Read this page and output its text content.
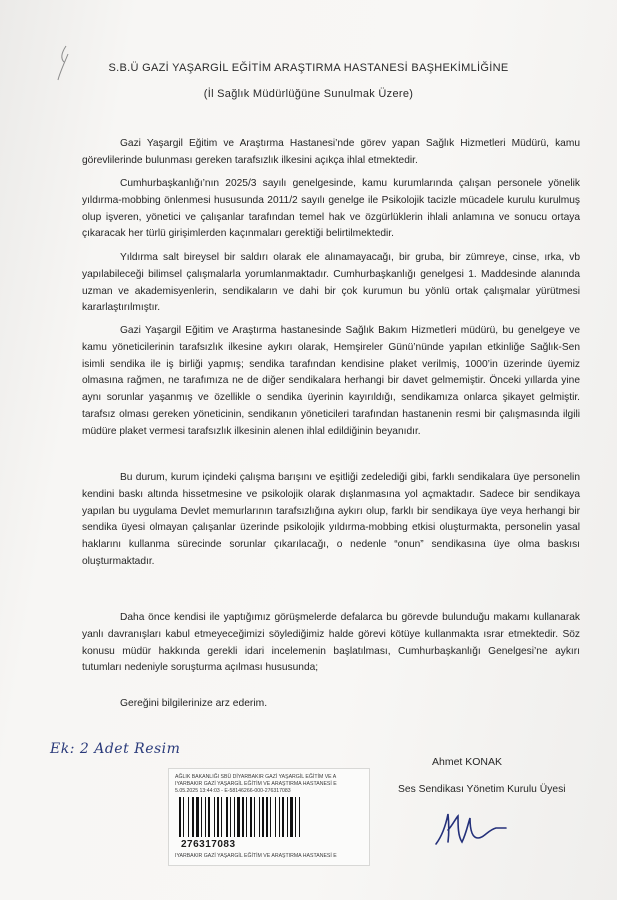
S.B.Ü GAZİ YAŞARGİL EĞİTİM ARAŞTIRMA HASTANESİ BAŞHEKİMLİĞİNE
(İl Sağlık Müdürlüğüne Sunulmak Üzere)

Gazi Yaşargil Eğitim ve Araştırma Hastanesi’nde görev yapan Sağlık Hizmetleri Müdürü, kamu görevlilerinde bulunması gereken tarafsızlık ilkesini açıkça ihlal etmektedir.

Cumhurbaşkanlığı’nın 2025/3 sayılı genelgesinde, kamu kurumlarında çalışan personele yönelik yıldırma-mobbing önlenmesi hususunda 2011/2 sayılı genelge ile Psikolojik tacizle mücadele kurulu kurulmuş olup işveren, yönetici ve çalışanlar tarafından temel hak ve özgürlüklerin ihlali anlamına ve sonucu ortaya çıkaracak her türlü girişimlerden kaçınmaları gerektiği belirtilmektedir.

Yıldırma salt bireysel bir saldırı olarak ele alınamayacağı, bir gruba, bir zümreye, cinse, ırka, vb yapılabileceği bilimsel çalışmalarla yorumlanmaktadır. Cumhurbaşkanlığı genelgesi 1. Maddesinde alanında uzman ve akademisyenlerin, sendikaların ve dahi bir çok kurumun bu yönlü ortak çalışmalar yürütmesi kararlaştırılmıştır.

Gazi Yaşargil Eğitim ve Araştırma hastanesinde Sağlık Bakım Hizmetleri müdürü, bu genelgeye ve kamu yöneticilerinin tarafsızlık ilkesine aykırı olarak, Hemşireler Günü’nünde yapılan etkinliğe Sağlık-Sen isimli sendika ile iş birliği yapmış; sendika tarafından kendisine plaket verilmiş, 1000’in üzerinde üyemiz olmasına rağmen, ne tarafımıza ne de diğer sendikalara herhangi bir davet gelmemiştir. Önceki yıllarda yine aynı sorunlar yaşanmış ve özellikle o sendika üyerinin kayırıldığı, sendikamıza onlarca şikayet gelmiştir. tarafsız olması gereken yöneticinin, sendikanın yöneticileri tarafından hastanenin resmi bir çalışmasında ilgili müdüre plaket vermesi tarafsızlık ilkesinin alenen ihlal edildiğinin beyanıdır.

Bu durum, kurum içindeki çalışma barışını ve eşitliği zedelediği gibi, farklı sendikalara üye personelin kendini baskı altında hissetmesine ve psikolojik olarak dışlanmasına yol açmaktadır. Sadece bir sendikaya yapılan bu uygulama Devlet memurlarının tarafsızlığına aykırı olup, farklı bir sendikaya üye veya herhangi bir sendika üyesi olmayan çalışanlar üzerinde psikolojik yıldırma-mobbing etkisi oluşturmakta, personelin yasal haklarını kullanma sürecinde sorunlar çıkarılacağı, o nedenle “onun” sendikasına üye olma baskısı oluşturmaktadır.

Daha önce kendisi ile yaptığımız görüşmelerde defalarca bu görevde bulunduğu makamı kullanarak yanlı davranışları kabul etmeyeceğimizi söylediğimiz halde görevi kötüye kullanmakta ısrar etmektedir. Söz konusu müdür hakkında gerekli idari incelemenin başlatılması, Cumhurbaşkanlığı Genelgesi’ne aykırı tutumları nedeniyle soruşturma açılması hususunda;

Gereğini bilgilerinize arz ederim.
Ek: 2 Adet Resim
Ahmet KONAK
Ses Sendikası Yönetim Kurulu Üyesi
AĞLIK BAKANLIĞI SBÜ DİYARBAKIR GAZİ YAŞARGİL EĞİTİM VE A
IYARBAKIR GAZİ YAŞARGİL EĞİTİM VE ARAŞTIRMA HASTANESİ E
5.05.2025 13:44:03 - E-58146266-000-276317083
276317083
IYARBAKIR GAZİ YAŞARGİL EĞİTİM VE ARAŞTIRMA HASTANESİ E
